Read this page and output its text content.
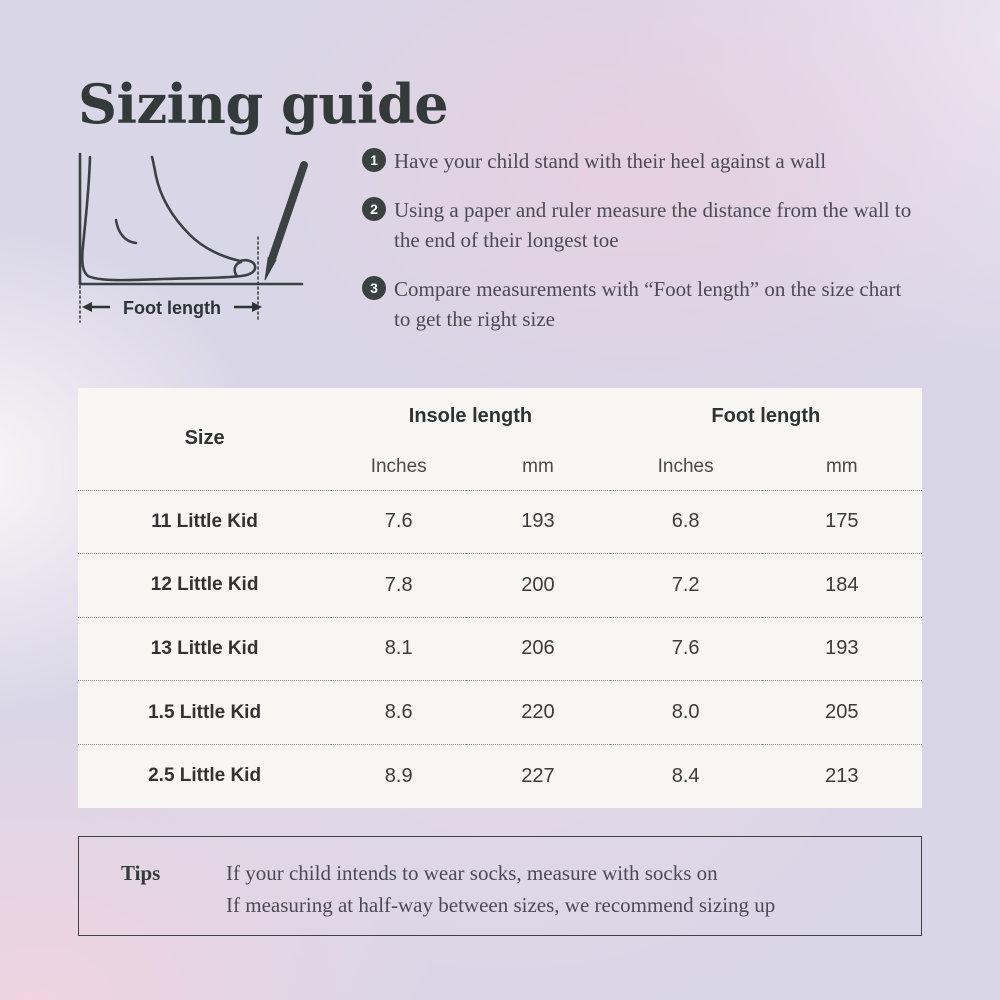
Sizing guide
Foot length
1 Have your child stand with their heel against a wall
2 Using a paper and ruler measure the distance from the wall to the end of their longest toe
3 Compare measurements with “Foot length” on the size chart to get the right size
Size	Insole length		Foot length	
	Inches	mm	Inches	mm
11 Little Kid	7.6	193	6.8	175
12 Little Kid	7.8	200	7.2	184
13 Little Kid	8.1	206	7.6	193
1.5 Little Kid	8.6	220	8.0	205
2.5 Little Kid	8.9	227	8.4	213
Tips	If your child intends to wear socks, measure with socks on
If measuring at half-way between sizes, we recommend sizing up
